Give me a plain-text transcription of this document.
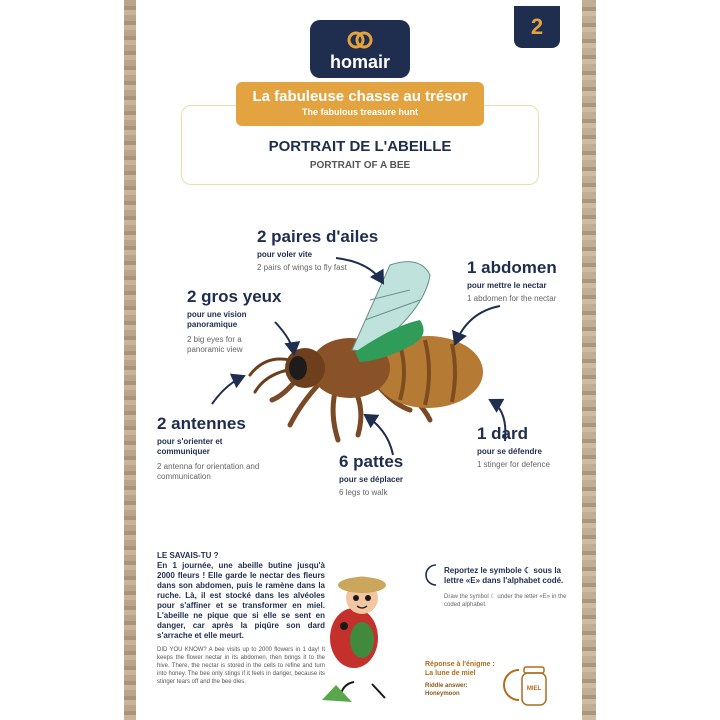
homair
2
La fabuleuse chasse au trésor
The fabulous treasure hunt
PORTRAIT DE L'ABEILLE
PORTRAIT OF A BEE
2 paires d'ailes
pour voler vite
2 pairs of wings to fly fast
2 gros yeux
pour une vision panoramique
2 big eyes for a panoramic view
1 abdomen
pour mettre le nectar
1 abdomen for the nectar
2 antennes
pour s'orienter et communiquer
2 antenna for orientation and communication
1 dard
pour se défendre
1 stinger for defence
6 pattes
pour se déplacer
6 legs to walk
LE SAVAIS-TU ?
En 1 journée, une abeille butine jusqu'à 2000 fleurs ! Elle garde le nectar des fleurs dans son abdomen, puis le ramène dans la ruche. Là, il est stocké dans les alvéoles pour s'affiner et se transformer en miel. L'abeille ne pique que si elle se sent en danger, car après la piqûre son dard s'arrache et elle meurt.
DID YOU KNOW? A bee visits up to 2000 flowers in 1 day! It keeps the flower nectar in its abdomen, then brings it to the hive. There, the nectar is stored in the cells to refine and turn into honey. The bee only stings if it feels in danger, because its stinger tears off and the bee dies.
Reportez le symbole ☾ sous la lettre «E» dans l'alphabet codé.
Draw the symbol ☾ under the letter «E» in the coded alphabet.
Réponse à l'énigme :
La lune de miel
Riddle answer:
Honeymoon
MIEL
